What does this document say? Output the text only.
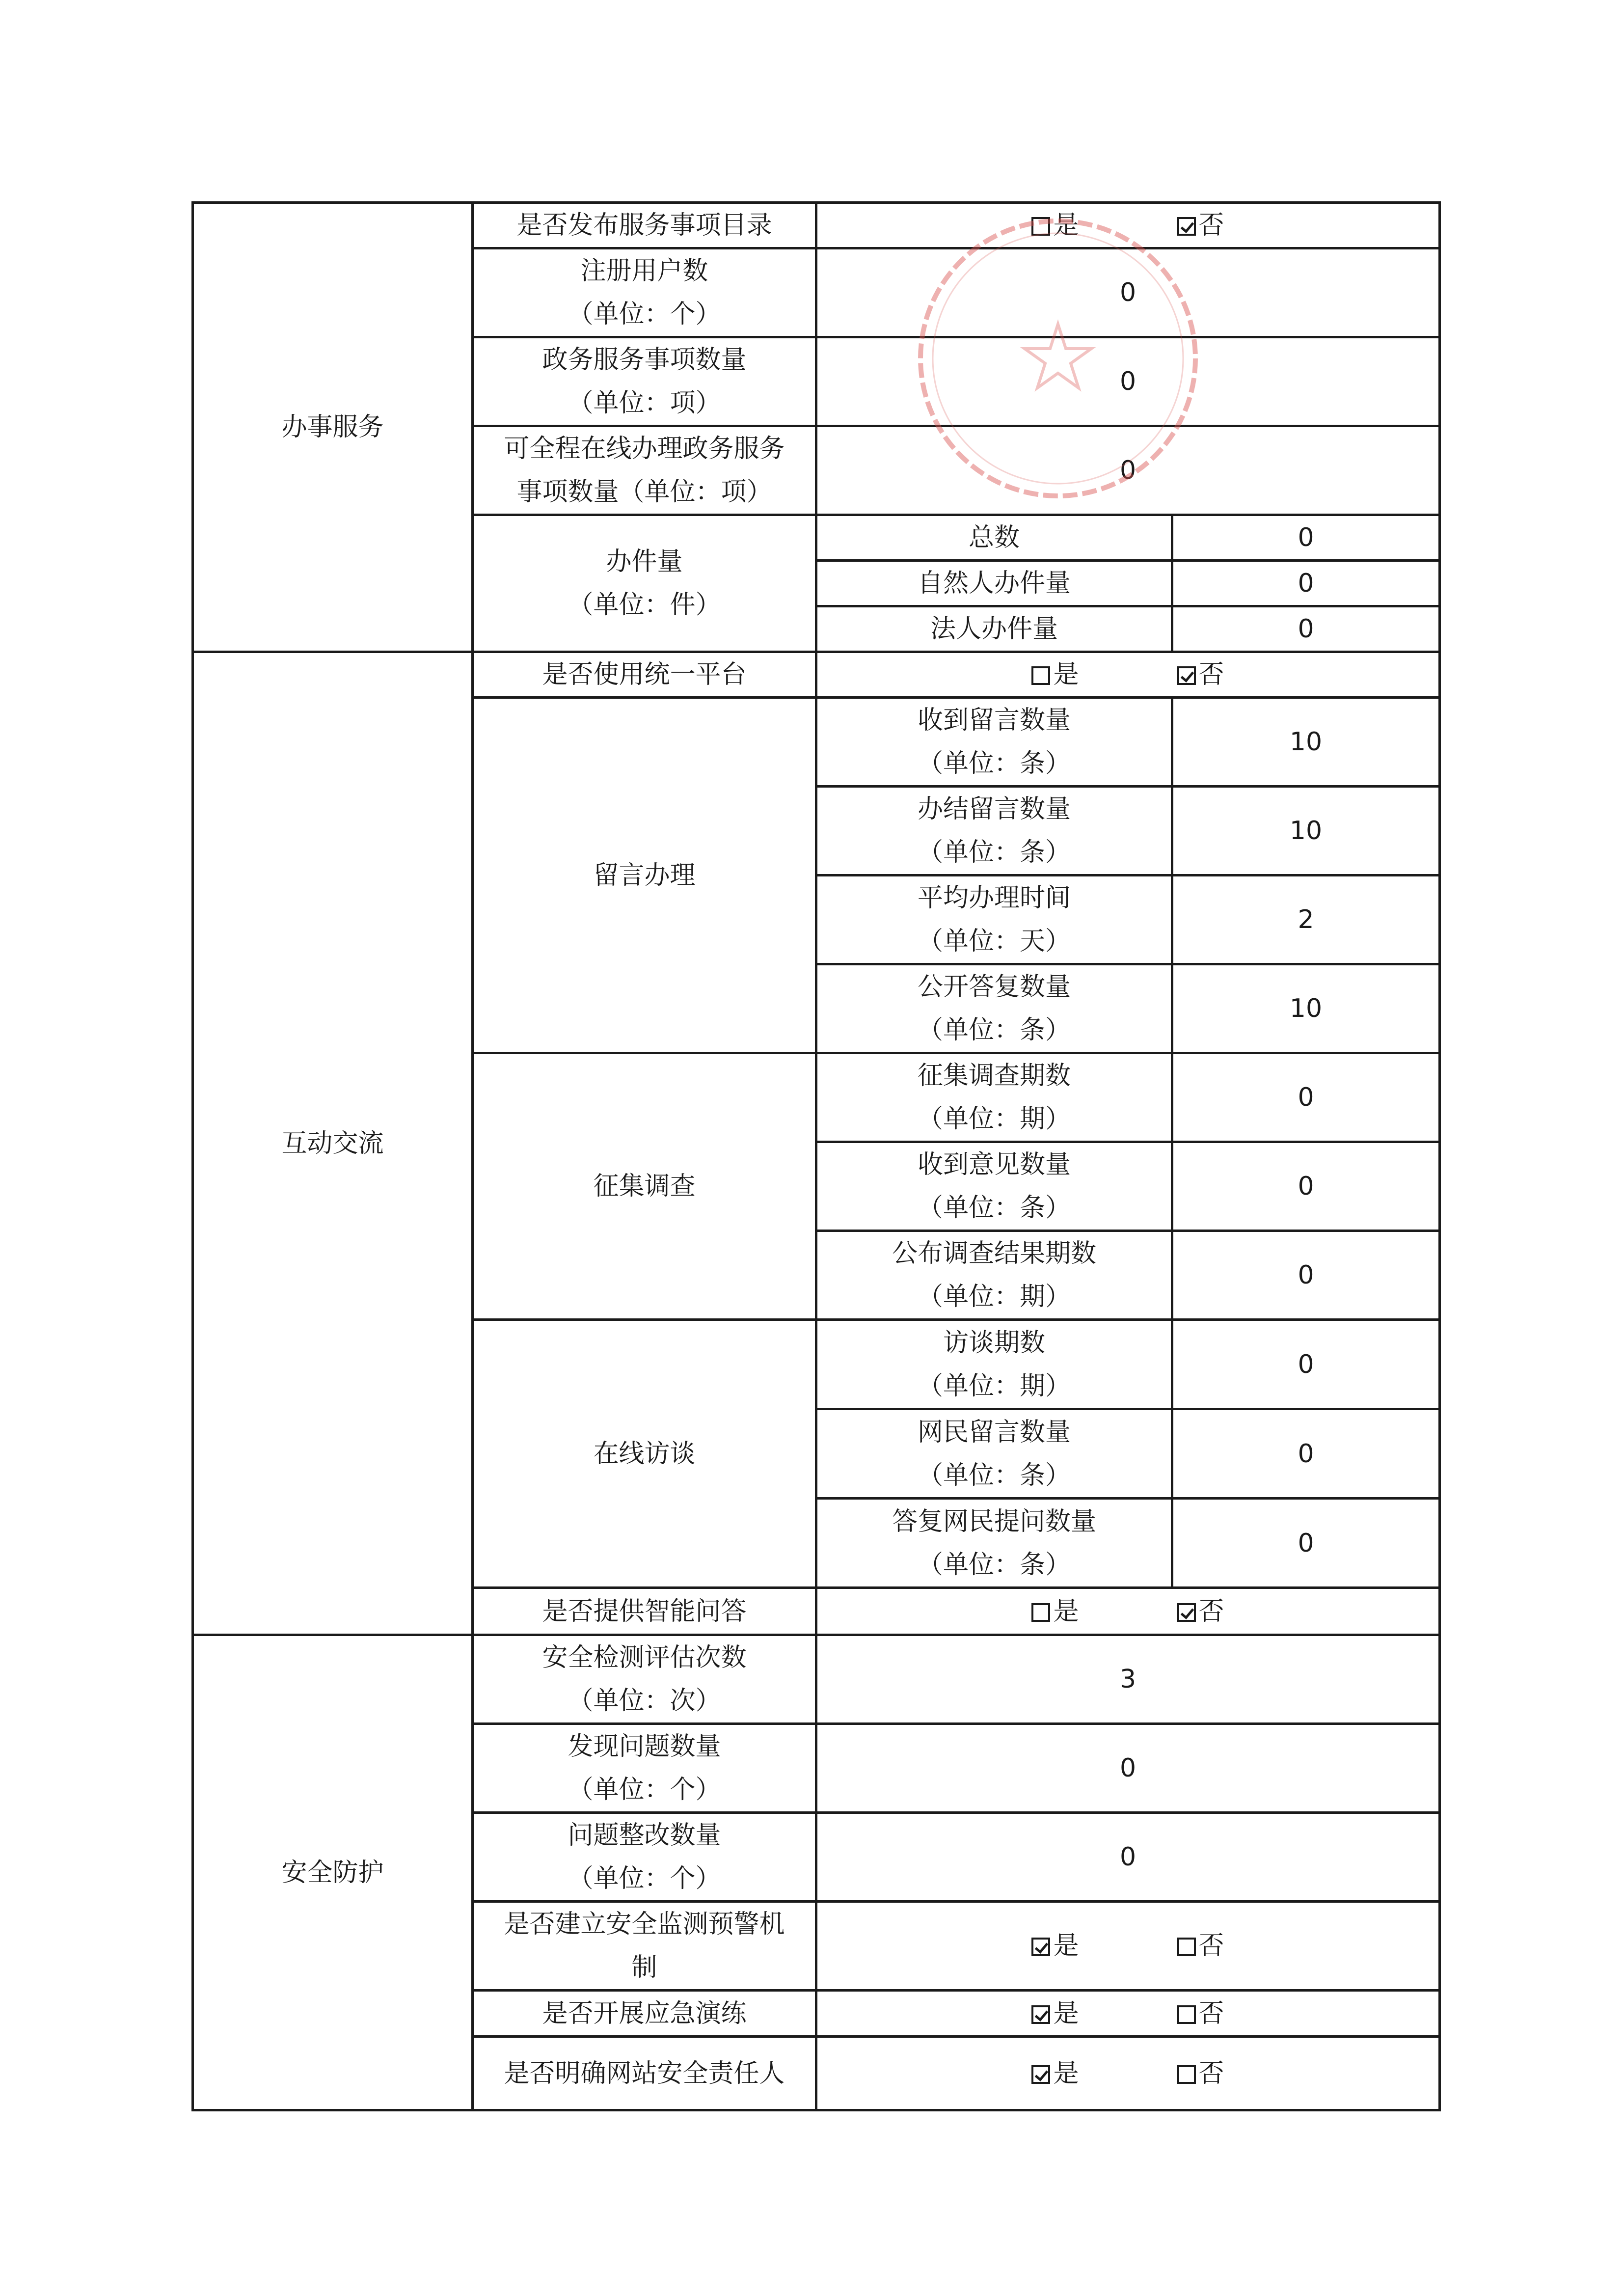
办事服务	是否发布服务事项目录	是 否	

	注册用户数
（单位：个）	0	

	政务服务事项数量
（单位：项）	0	

	可全程在线办理政务服务
事项数量（单位：项）	0	

	办件量
（单位：件）	总数	0
		自然人办件量	0
		法人办件量	0
互动交流	是否使用统一平台	是 否	
	留言办理	收到留言数量
（单位：条）	10

		办结留言数量
（单位：条）	10

		平均办理时间
（单位：天）	2

		公开答复数量
（单位：条）	10
	征集调查	征集调查期数
（单位：期）	0

		收到意见数量
（单位：条）	0

		公布调查结果期数
（单位：期）	0
	在线访谈	访谈期数
（单位：期）	0

		网民留言数量
（单位：条）	0

		答复网民提问数量
（单位：条）	0
	是否提供智能问答	是 否	
安全防护	安全检测评估次数
（单位：次）	3	

	发现问题数量
（单位：个）	0	

	问题整改数量
（单位：个）	0	

	是否建立安全监测预警机
制	是 否	
	是否开展应急演练	是 否	
	是否明确网站安全责任人	是 否	
